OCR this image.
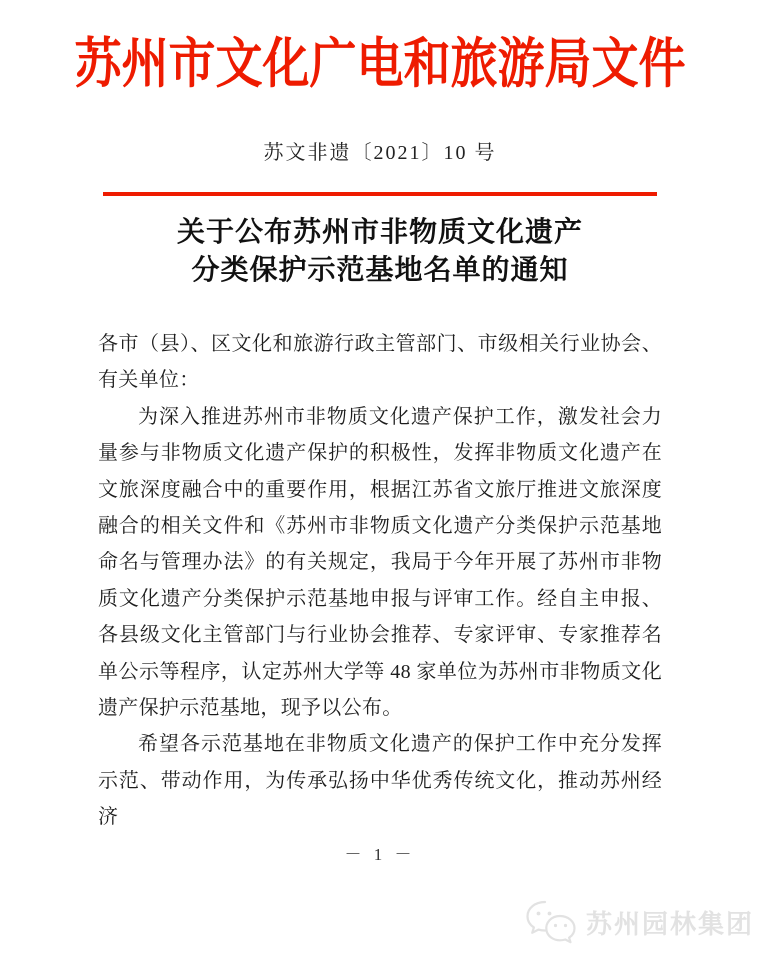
苏州市文化广电和旅游局文件
苏文非遗〔2021〕10 号
关于公布苏州市非物质文化遗产
分类保护示范基地名单的通知

各市（县）、区文化和旅游行政主管部门、市级相关行业协会、有关单位：

为深入推进苏州市非物质文化遗产保护工作，激发社会力量参与非物质文化遗产保护的积极性，发挥非物质文化遗产在文旅深度融合中的重要作用，根据江苏省文旅厅推进文旅深度融合的相关文件和《苏州市非物质文化遗产分类保护示范基地命名与管理办法》的有关规定，我局于今年开展了苏州市非物质文化遗产分类保护示范基地申报与评审工作。经自主申报、各县级文化主管部门与行业协会推荐、专家评审、专家推荐名单公示等程序，认定苏州大学等 48 家单位为苏州市非物质文化遗产保护示范基地，现予以公布。

希望各示范基地在非物质文化遗产的保护工作中充分发挥示范、带动作用，为传承弘扬中华优秀传统文化，推动苏州经济

－ 1 －
苏州园林集团
